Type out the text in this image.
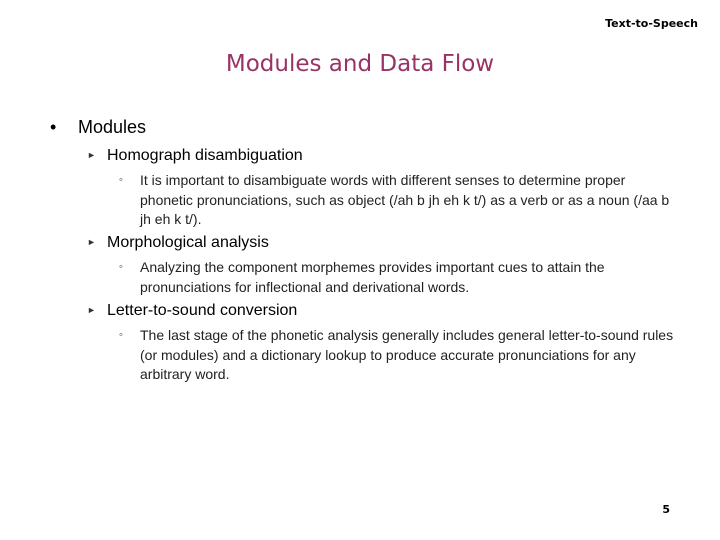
Text-to-Speech
Modules and Data Flow
• Modules
► Homograph disambiguation
◦	It is important to disambiguate words with different senses to determine proper phonetic pronunciations, such as object (/ah b jh eh k t/) as a verb or as a noun (/aa b jh eh k t/).
► Morphological analysis
◦	Analyzing the component morphemes provides important cues to attain the pronunciations for inflectional and derivational words.
► Letter-to-sound conversion
◦	The last stage of the phonetic analysis generally includes general letter-to-sound rules (or modules) and a dictionary lookup to produce accurate pronunciations for any arbitrary word.
5
